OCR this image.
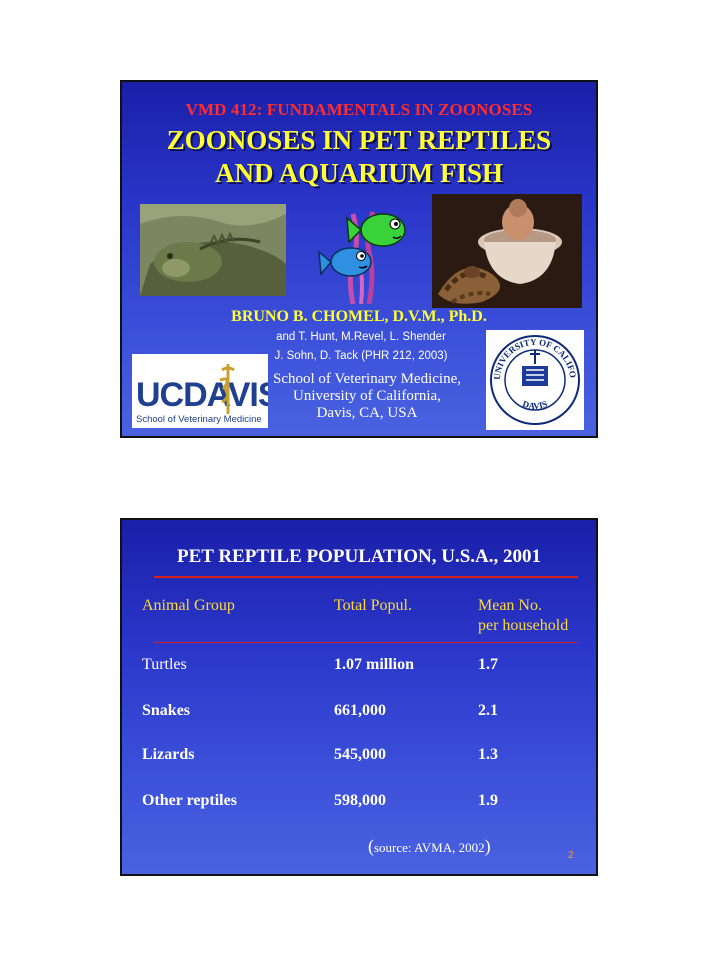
VMD 412: FUNDAMENTALS IN ZOONOSES
ZOONOSES IN PET REPTILES
AND AQUARIUM FISH
BRUNO B. CHOMEL, D.V.M., Ph.D.
and T. Hunt, M.Revel, L. Shender
J. Sohn, D. Tack (PHR 212, 2003)
School of Veterinary Medicine,
University of California,
Davis, CA, USA
UCDAVIS
School of Veterinary Medicine
UNIVERSITY OF CALIFO
DAVIS
PET REPTILE POPULATION, U.S.A., 2001
Animal Group	Total Popul.	Mean No.
per household
Turtles	1.07 million	1.7
Snakes	661,000	2.1
Lizards	545,000	1.3
Other reptiles	598,000	1.9
(source: AVMA, 2002)	2
